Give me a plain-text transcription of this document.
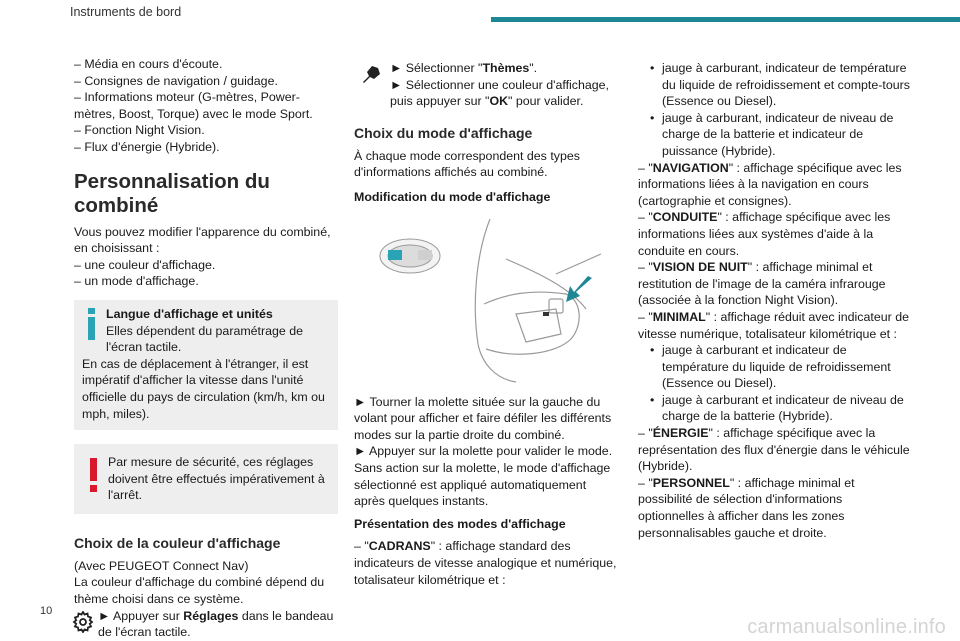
Instruments de bord
– Média en cours d'écoute.
– Consignes de navigation / guidage.
– Informations moteur (G-mètres, Power-mètres, Boost, Torque) avec le mode Sport.
– Fonction Night Vision.
– Flux d'énergie (Hybride).
Personnalisation du combiné

Vous pouvez modifier l'apparence du combiné, en choisissant :

– une couleur d'affichage.
– un mode d'affichage.
Langue d'affichage et unités
Elles dépendent du paramétrage de l'écran tactile.
En cas de déplacement à l'étranger, il est impératif d'afficher la vitesse dans l'unité officielle du pays de circulation (km/h, km ou mph, miles).
Par mesure de sécurité, ces réglages doivent être effectués impérativement à l'arrêt.
Choix de la couleur d'affichage

(Avec PEUGEOT Connect Nav)

La couleur d'affichage du combiné dépend du thème choisi dans ce système.

► Appuyer sur Réglages dans le bandeau de l'écran tactile.
► Sélectionner "Thèmes".
► Sélectionner une couleur d'affichage, puis appuyer sur "OK" pour valider.
Choix du mode d'affichage

À chaque mode correspondent des types d'informations affichés au combiné.

Modification du mode d'affichage

► Tourner la molette située sur la gauche du volant pour afficher et faire défiler les différents modes sur la partie droite du combiné.

► Appuyer sur la molette pour valider le mode.

Sans action sur la molette, le mode d'affichage sélectionné est appliqué automatiquement après quelques instants.

Présentation des modes d'affichage

– "CADRANS" : affichage standard des indicateurs de vitesse analogique et numérique, totalisateur kilométrique et :

• jauge à carburant, indicateur de température du liquide de refroidissement et compte-tours (Essence ou Diesel).
• jauge à carburant, indicateur de niveau de charge de la batterie et indicateur de puissance (Hybride).

– "NAVIGATION" : affichage spécifique avec les informations liées à la navigation en cours (cartographie et consignes).

– "CONDUITE" : affichage spécifique avec les informations liées aux systèmes d'aide à la conduite en cours.

– "VISION DE NUIT" : affichage minimal et restitution de l'image de la caméra infrarouge (associée à la fonction Night Vision).

– "MINIMAL" : affichage réduit avec indicateur de vitesse numérique, totalisateur kilométrique et :

• jauge à carburant et indicateur de température du liquide de refroidissement (Essence ou Diesel).
• jauge à carburant et indicateur de niveau de charge de la batterie (Hybride).

– "ÉNERGIE" : affichage spécifique avec la représentation des flux d'énergie dans le véhicule (Hybride).

– "PERSONNEL" : affichage minimal et possibilité de sélection d'informations optionnelles à afficher dans les zones personnalisables gauche et droite.

10
carmanualsonline.info
